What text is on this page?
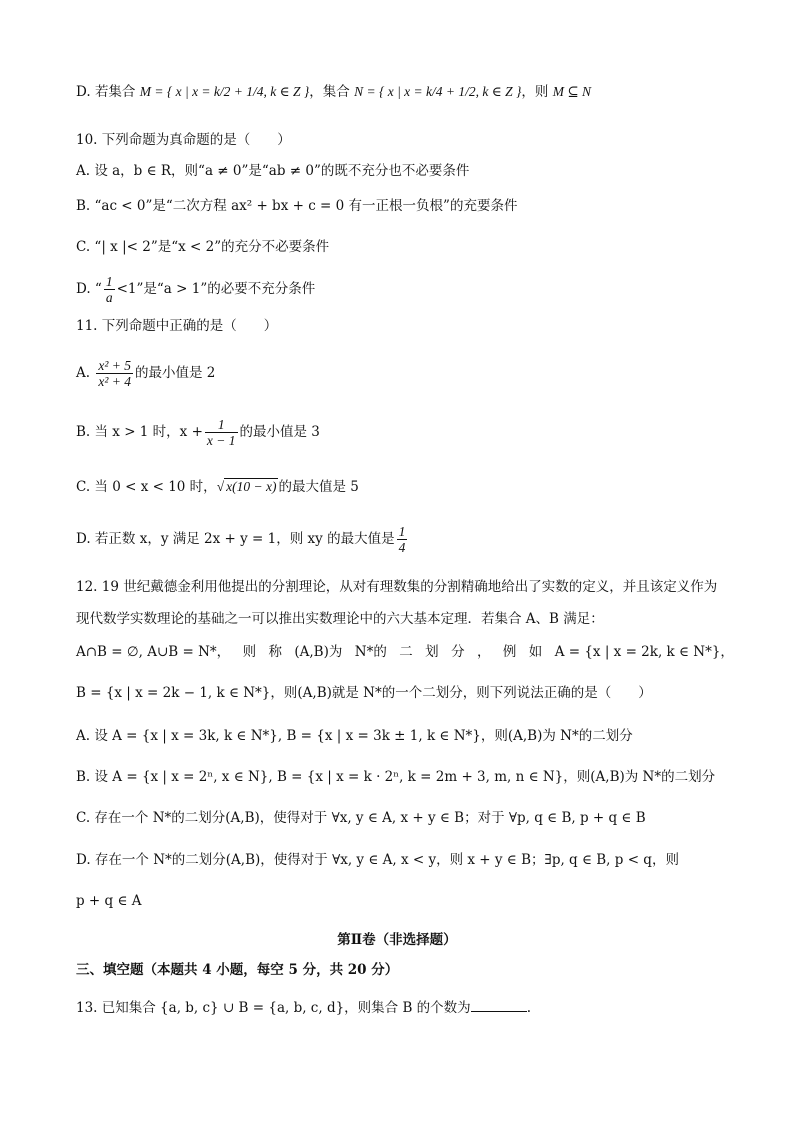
D. 若集合 M = { x | x = k/2 + 1/4, k ∈ Z }，集合 N = { x | x = k/4 + 1/2, k ∈ Z }，则 M ⊆ N
10. 下列命题为真命题的是（　　）
A. 设 a，b ∈ R，则“a ≠ 0”是“ab ≠ 0”的既不充分也不必要条件
B. “ac < 0”是“二次方程 ax² + bx + c = 0 有一正根一负根”的充要条件
C. “| x |< 2”是“x < 2”的充分不必要条件
D. “ $\frac{1}{a} <1$”是“a > 1”的必要不充分条件
11. 下列命题中正确的是（　　）
A. $\frac{\text{x² + 5}}{\text{x² + 4}}$ 的最小值是 2
B. 当 x > 1 时，$x + \frac{1}{x - 1}$ 的最小值是 3
C. 当 0 < x < 10 时，√ x(10 − x) 的最大值是 5
D. 若正数 x，y 满足 2x + y = 1，则 xy 的最大值是 $\frac{1}{4}$
12. 19 世纪戴德金利用他提出的分割理论，从对有理数集的分割精确地给出了实数的定义，并且该定义作为
现代数学实数理论的基础之一可以推出实数理论中的六大基本定理．若集合 A、B 满足：
A∩B = ∅, A∪B = N*， 则 称 (A,B)为 N*的 二 划 分 ， 例 如 A = {x | x = 2k, k ∈ N*}，
B = {x | x = 2k − 1, k ∈ N*}，则(A,B)就是 N*的一个二划分，则下列说法正确的是（　　）
A. 设 A = {x | x = 3k, k ∈ N*}, B = {x | x = 3k ± 1, k ∈ N*}，则(A,B)为 N*的二划分
B. 设 A = {x | x = 2ⁿ, x ∈ N}, B = {x | x = k · 2ⁿ, k = 2m + 3, m, n ∈ N}，则(A,B)为 N*的二划分
C. 存在一个 N*的二划分(A,B)，使得对于 ∀x, y ∈ A, x + y ∈ B；对于 ∀p, q ∈ B, p + q ∈ B
D. 存在一个 N*的二划分(A,B)，使得对于 ∀x, y ∈ A, x < y，则 x + y ∈ B；∃p, q ∈ B, p < q，则
p + q ∈ A
第Ⅱ卷（非选择题）
三、填空题（本题共 4 小题，每空 5 分，共 20 分）
13. 已知集合 {a, b, c} ∪ B = {a, b, c, d}，则集合 B 的个数为	.
